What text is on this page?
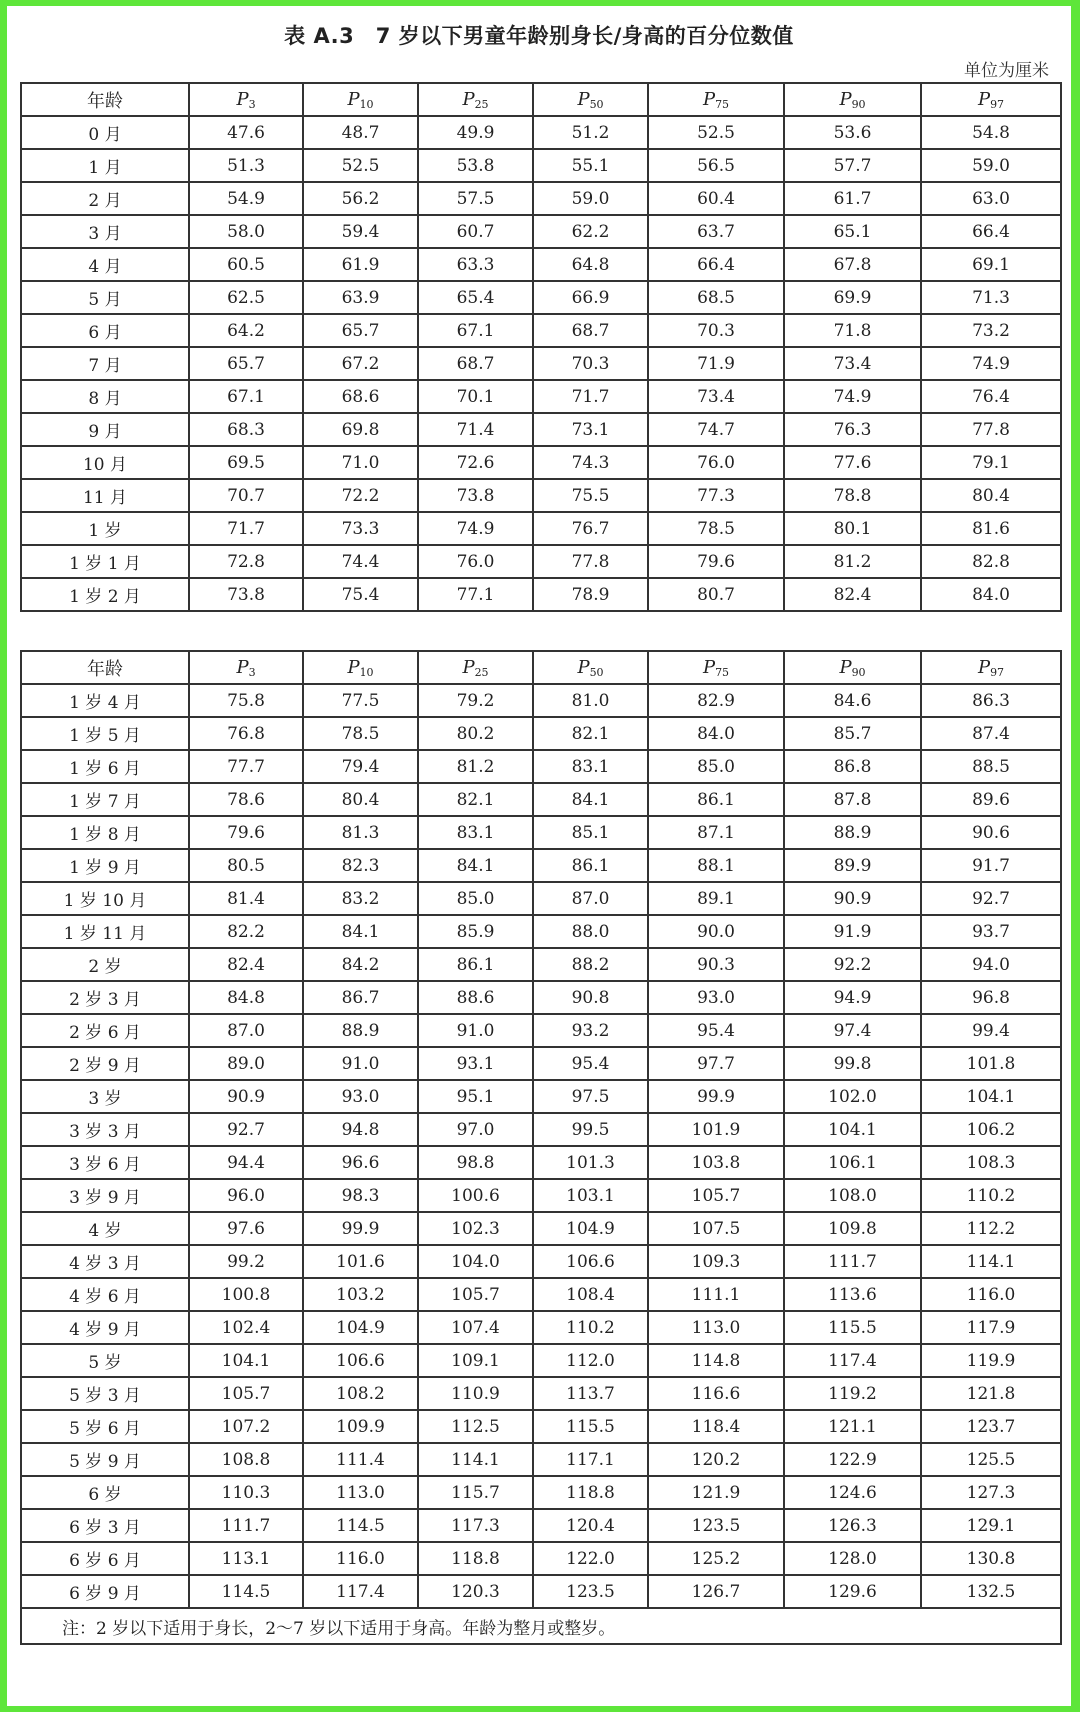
表 A.3　7 岁以下男童年龄别身长/身高的百分位数值
单位为厘米
年龄	$P_3$	$P_{10}$	$P_{25}$	$P_{50}$	$P_{75}$	$P_{90}$	$P_{97}$
0 月	47.6	48.7	49.9	51.2	52.5	53.6	54.8
1 月	51.3	52.5	53.8	55.1	56.5	57.7	59.0
2 月	54.9	56.2	57.5	59.0	60.4	61.7	63.0
3 月	58.0	59.4	60.7	62.2	63.7	65.1	66.4
4 月	60.5	61.9	63.3	64.8	66.4	67.8	69.1
5 月	62.5	63.9	65.4	66.9	68.5	69.9	71.3
6 月	64.2	65.7	67.1	68.7	70.3	71.8	73.2
7 月	65.7	67.2	68.7	70.3	71.9	73.4	74.9
8 月	67.1	68.6	70.1	71.7	73.4	74.9	76.4
9 月	68.3	69.8	71.4	73.1	74.7	76.3	77.8
10 月	69.5	71.0	72.6	74.3	76.0	77.6	79.1
11 月	70.7	72.2	73.8	75.5	77.3	78.8	80.4
1 岁	71.7	73.3	74.9	76.7	78.5	80.1	81.6
1 岁 1 月	72.8	74.4	76.0	77.8	79.6	81.2	82.8
1 岁 2 月	73.8	75.4	77.1	78.9	80.7	82.4	84.0
年龄	$P_3$	$P_{10}$	$P_{25}$	$P_{50}$	$P_{75}$	$P_{90}$	$P_{97}$
1 岁 4 月	75.8	77.5	79.2	81.0	82.9	84.6	86.3
1 岁 5 月	76.8	78.5	80.2	82.1	84.0	85.7	87.4
1 岁 6 月	77.7	79.4	81.2	83.1	85.0	86.8	88.5
1 岁 7 月	78.6	80.4	82.1	84.1	86.1	87.8	89.6
1 岁 8 月	79.6	81.3	83.1	85.1	87.1	88.9	90.6
1 岁 9 月	80.5	82.3	84.1	86.1	88.1	89.9	91.7
1 岁 10 月	81.4	83.2	85.0	87.0	89.1	90.9	92.7
1 岁 11 月	82.2	84.1	85.9	88.0	90.0	91.9	93.7
2 岁	82.4	84.2	86.1	88.2	90.3	92.2	94.0
2 岁 3 月	84.8	86.7	88.6	90.8	93.0	94.9	96.8
2 岁 6 月	87.0	88.9	91.0	93.2	95.4	97.4	99.4
2 岁 9 月	89.0	91.0	93.1	95.4	97.7	99.8	101.8
3 岁	90.9	93.0	95.1	97.5	99.9	102.0	104.1
3 岁 3 月	92.7	94.8	97.0	99.5	101.9	104.1	106.2
3 岁 6 月	94.4	96.6	98.8	101.3	103.8	106.1	108.3
3 岁 9 月	96.0	98.3	100.6	103.1	105.7	108.0	110.2
4 岁	97.6	99.9	102.3	104.9	107.5	109.8	112.2
4 岁 3 月	99.2	101.6	104.0	106.6	109.3	111.7	114.1
4 岁 6 月	100.8	103.2	105.7	108.4	111.1	113.6	116.0
4 岁 9 月	102.4	104.9	107.4	110.2	113.0	115.5	117.9
5 岁	104.1	106.6	109.1	112.0	114.8	117.4	119.9
5 岁 3 月	105.7	108.2	110.9	113.7	116.6	119.2	121.8
5 岁 6 月	107.2	109.9	112.5	115.5	118.4	121.1	123.7
5 岁 9 月	108.8	111.4	114.1	117.1	120.2	122.9	125.5
6 岁	110.3	113.0	115.7	118.8	121.9	124.6	127.3
6 岁 3 月	111.7	114.5	117.3	120.4	123.5	126.3	129.1
6 岁 6 月	113.1	116.0	118.8	122.0	125.2	128.0	130.8
6 岁 9 月	114.5	117.4	120.3	123.5	126.7	129.6	132.5
注：2 岁以下适用于身长，2～7 岁以下适用于身高。年龄为整月或整岁。							
